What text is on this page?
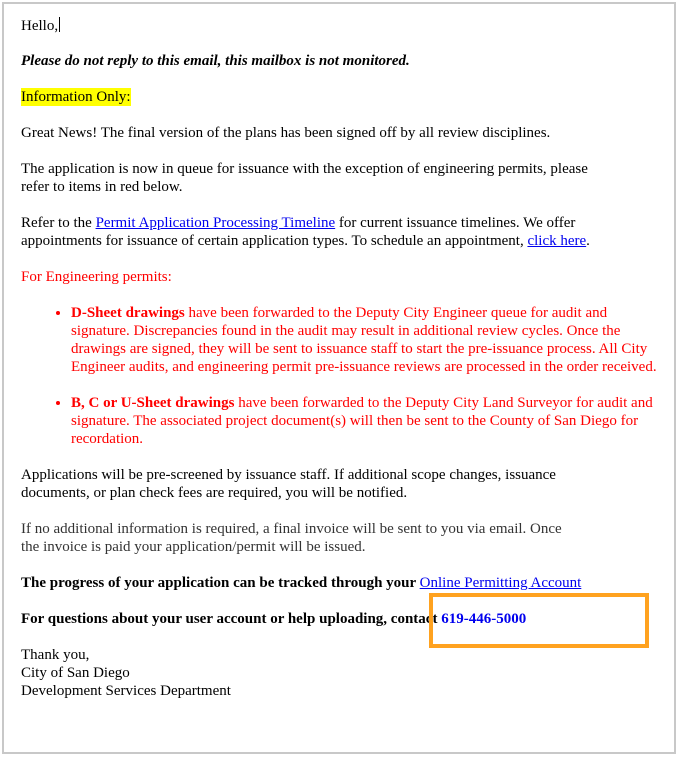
Hello,

Please do not reply to this email, this mailbox is not monitored.

Information Only:

Great News! The final version of the plans has been signed off by all review disciplines.

The application is now in queue for issuance with the exception of engineering permits, please
refer to items in red below.

Refer to the Permit Application Processing Timeline for current issuance timelines. We offer
appointments for issuance of certain application types. To schedule an appointment, click here.

For Engineering permits:

• D-Sheet drawings have been forwarded to the Deputy City Engineer queue for audit and signature. Discrepancies found in the audit may result in additional review cycles. Once the drawings are signed, they will be sent to issuance staff to start the pre-issuance process. All City Engineer audits, and engineering permit pre-issuance reviews are processed in the order received.
• B, C or U-Sheet drawings have been forwarded to the Deputy City Land Surveyor for audit and signature. The associated project document(s) will then be sent to the County of San Diego for recordation.

Applications will be pre-screened by issuance staff. If additional scope changes, issuance
documents, or plan check fees are required, you will be notified.

If no additional information is required, a final invoice will be sent to you via email. Once
the invoice is paid your application/permit will be issued.

The progress of your application can be tracked through your Online Permitting Account

For questions about your user account or help uploading, contact 619-446-5000

Thank you,
City of San Diego
Development Services Department
